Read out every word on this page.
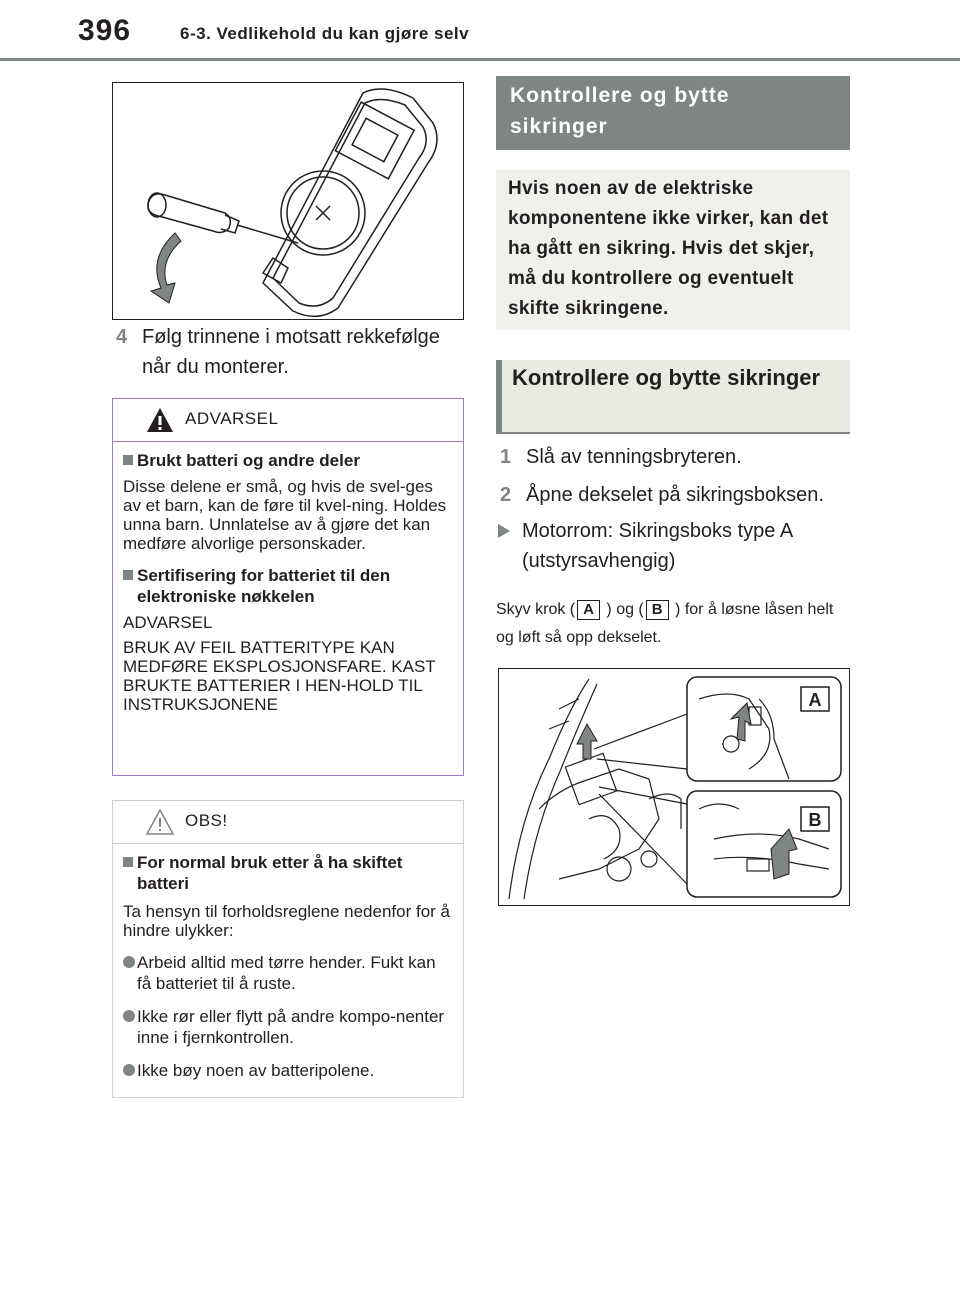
396	6-3. Vedlikehold du kan gjøre selv
4 Følg trinnene i motsatt rekkefølge når du monterer.
ADVARSEL
Brukt batteri og andre deler
Disse delene er små, og hvis de svel-ges av et barn, kan de føre til kvel-ning. Holdes unna barn. Unnlatelse av å gjøre det kan medføre alvorlige personskader.
Sertifisering for batteriet til den elektroniske nøkkelen
ADVARSEL
BRUK AV FEIL BATTERITYPE KAN MEDFØRE EKSPLOSJONSFARE. KAST BRUKTE BATTERIER I HEN-HOLD TIL INSTRUKSJONENE
OBS!
For normal bruk etter å ha skiftet batteri
Ta hensyn til forholdsreglene nedenfor for å hindre ulykker:
Arbeid alltid med tørre hender. Fukt kan få batteriet til å ruste.
Ikke rør eller flytt på andre kompo-nenter inne i fjernkontrollen.
Ikke bøy noen av batteripolene.
Kontrollere og bytte sikringer
Hvis noen av de elektriske komponentene ikke virker, kan det ha gått en sikring. Hvis det skjer, må du kontrollere og eventuelt skifte sikringene.
Kontrollere og bytte sikringer
1 Slå av tenningsbryteren.
2 Åpne dekselet på sikringsboksen.
Motorrom: Sikringsboks type A (utstyrsavhengig)
Skyv krok ( A ) og ( B ) for å løsne låsen helt og løft så opp dekselet.
A
B
